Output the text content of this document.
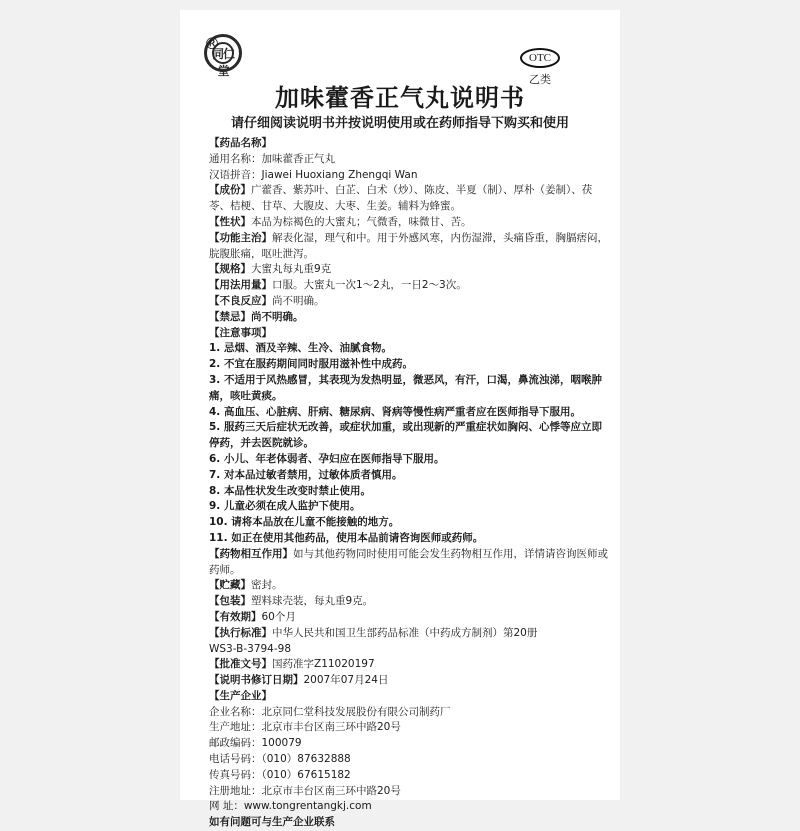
同仁堂
®
OTC
乙类
加味藿香正气丸说明书
请仔细阅读说明书并按说明使用或在药师指导下购买和使用

【药品名称】

通用名称：加味藿香正气丸

汉语拼音：Jiawei Huoxiang Zhengqi Wan

【成份】广藿香、紫苏叶、白芷、白术（炒）、陈皮、半夏（制）、厚朴（姜制）、茯苓、桔梗、甘草、大腹皮、大枣、生姜。辅料为蜂蜜。

【性状】本品为棕褐色的大蜜丸；气微香，味微甘、苦。

【功能主治】解表化湿，理气和中。用于外感风寒，内伤湿滞，头痛昏重，胸膈痞闷，脘腹胀痛，呕吐泄泻。

【规格】大蜜丸每丸重9克

【用法用量】口服。大蜜丸一次1～2丸，一日2～3次。

【不良反应】尚不明确。

【禁忌】尚不明确。

【注意事项】

1. 忌烟、酒及辛辣、生冷、油腻食物。

2. 不宜在服药期间同时服用滋补性中成药。

3. 不适用于风热感冒，其表现为发热明显，微恶风，有汗，口渴，鼻流浊涕，咽喉肿痛，咳吐黄痰。

4. 高血压、心脏病、肝病、糖尿病、肾病等慢性病严重者应在医师指导下服用。

5. 服药三天后症状无改善，或症状加重，或出现新的严重症状如胸闷、心悸等应立即停药，并去医院就诊。

6. 小儿、年老体弱者、孕妇应在医师指导下服用。

7. 对本品过敏者禁用，过敏体质者慎用。

8. 本品性状发生改变时禁止使用。

9. 儿童必须在成人监护下使用。

10. 请将本品放在儿童不能接触的地方。

11. 如正在使用其他药品，使用本品前请咨询医师或药师。

【药物相互作用】如与其他药物同时使用可能会发生药物相互作用，详情请咨询医师或药师。

【贮藏】密封。

【包装】塑料球壳装，每丸重9克。

【有效期】60个月

【执行标准】中华人民共和国卫生部药品标准（中药成方制剂）第20册

WS3-B-3794-98

【批准文号】国药准字Z11020197

【说明书修订日期】2007年07月24日

【生产企业】

企业名称：北京同仁堂科技发展股份有限公司制药厂

生产地址：北京市丰台区南三环中路20号

邮政编码：100079

电话号码：（010）87632888

传真号码：（010）67615182

注册地址：北京市丰台区南三环中路20号

网 址：www.tongrentangkj.com

如有问题可与生产企业联系
